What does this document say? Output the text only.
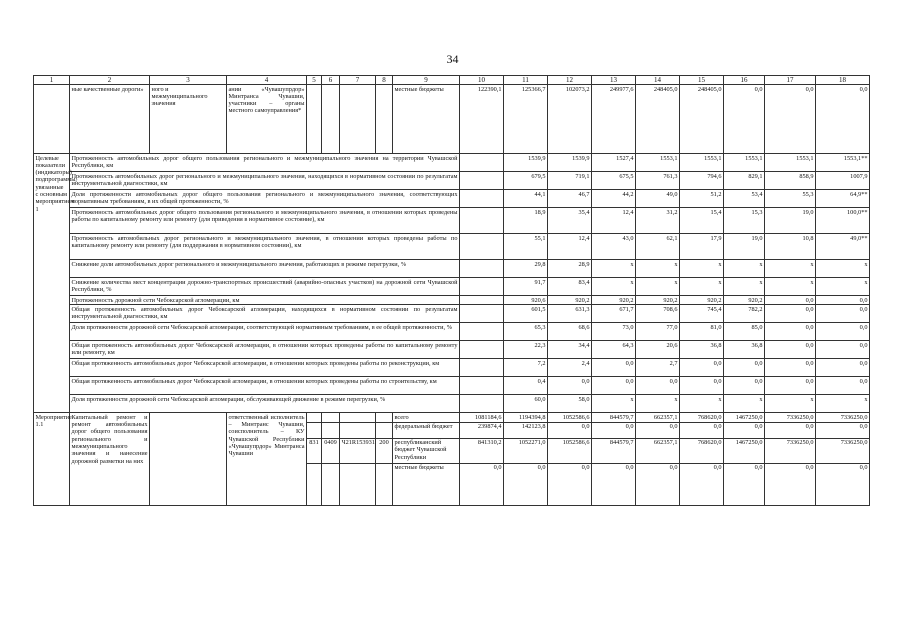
34
1	2	3	4	5	6	7	8	9	10	11	12	13	14	15	16	17	18	
	ные качественные дороги»	ного и межмуниципального значения	ании «Чувашупрдор» Минтранса Чувашии, участники – органы местного самоуправления*					местные бюджеты	122390,1	125366,7	102073,2	249977,6	248405,0	248405,0	0,0	0,0	0,0	
Целевые показатели (индикаторы) подпрограммы, увязанные с основным мероприятием 1	Протяженность автомобильных дорог общего пользования регионального и межмуниципального значения на территории Чувашской Республики, км									1539,9	1539,9	1527,4	1553,1	1553,1	1553,1	1553,1	1553,1**	
	Протяженность автомобильных дорог регионального и межмуниципального значения, находящихся в нормативном состоянии по результатам инструментальной диагностики, км									679,5	719,1	675,5	761,3	794,6	829,1	858,9	1007,9	
	Доля протяженности автомобильных дорог общего пользования регионального и межмуниципального значения, соответствующих нормативным требованиям, в их общей протяженности, %									44,1	46,7	44,2	49,0	51,2	53,4	55,3	64,9**	
	Протяженность автомобильных дорог общего пользования регионального и межмуниципального значения, в отношении которых проведены работы по капитальному ремонту или ремонту (для приведения в нормативное состояние), км									18,9	35,4	12,4	31,2	15,4	15,3	19,0	100,0**	
	Протяженность автомобильных дорог регионального и межмуниципального значения, в отношении которых проведены работы по капитальному ремонту или ремонту (для поддержания в нормативном состоянии), км									55,1	12,4	43,0	62,1	17,9	19,0	10,8	49,0**	
	Снижение доли автомобильных дорог регионального и межмуниципального значения, работающих в режиме перегрузки, %									29,8	28,9	x	x	x	x	x	x	
	Снижение количества мест концентрации дорожно-транспортных происшествий (аварийно-опасных участков) на дорожной сети Чувашской Республики, %									91,7	83,4	x	x	x	x	x	x	
	Протяженность дорожной сети Чебоксарской агломерации, км									920,6	920,2	920,2	920,2	920,2	920,2	0,0	0,0	
	Общая протяженность автомобильных дорог Чебоксарской агломерации, находящихся в нормативном состоянии по результатам инструментальной диагностики, км									601,5	631,3	671,7	708,6	745,4	782,2	0,0	0,0	
	Доля протяженности дорожной сети Чебоксарской агломерации, соответствующей нормативным требованиям, в ее общей протяженности, %									65,3	68,6	73,0	77,0	81,0	85,0	0,0	0,0	
	Общая протяженность автомобильных дорог Чебоксарской агломерации, в отношении которых проведены работы по капитальному ремонту или ремонту, км									22,3	34,4	64,3	20,6	36,8	36,8	0,0	0,0	
	Общая протяженность автомобильных дорог Чебоксарской агломерации, в отношении которых проведены работы по реконструкции, км									7,2	2,4	0,0	2,7	0,0	0,0	0,0	0,0	
	Общая протяженность автомобильных дорог Чебоксарской агломерации, в отношении которых проведены работы по строительству, км									0,4	0,0	0,0	0,0	0,0	0,0	0,0	0,0	
	Доля протяженности дорожной сети Чебоксарской агломерации, обслуживающей движение в режиме перегрузки, %									60,0	58,0	x	x	x	x	x	x	
Мероприятие 1.1	Капитальный ремонт и ремонт автомобильных дорог общего пользования регионального и межмуниципального значения и нанесение дорожной разметки на них		ответственный исполнитель – Минтранс Чувашии, соисполнитель – КУ Чувашской Республики «Чувашупрдор» Минтранса Чувашии					всего	1081184,6	1194394,8	1052586,6	844579,7	662357,1	768620,0	1467250,0	7336250,0	7336250,0	
								федеральный бюджет	239874,4	142123,8	0,0	0,0	0,0	0,0	0,0	0,0	0,0	
				831	0409	Ч21R153931	200	республиканский бюджет Чувашской Республики	841310,2	1052271,0	1052586,6	844579,7	662357,1	768620,0	1467250,0	7336250,0	7336250,0	
								местные бюджеты	0,0	0,0	0,0	0,0	0,0	0,0	0,0	0,0	0,0	
